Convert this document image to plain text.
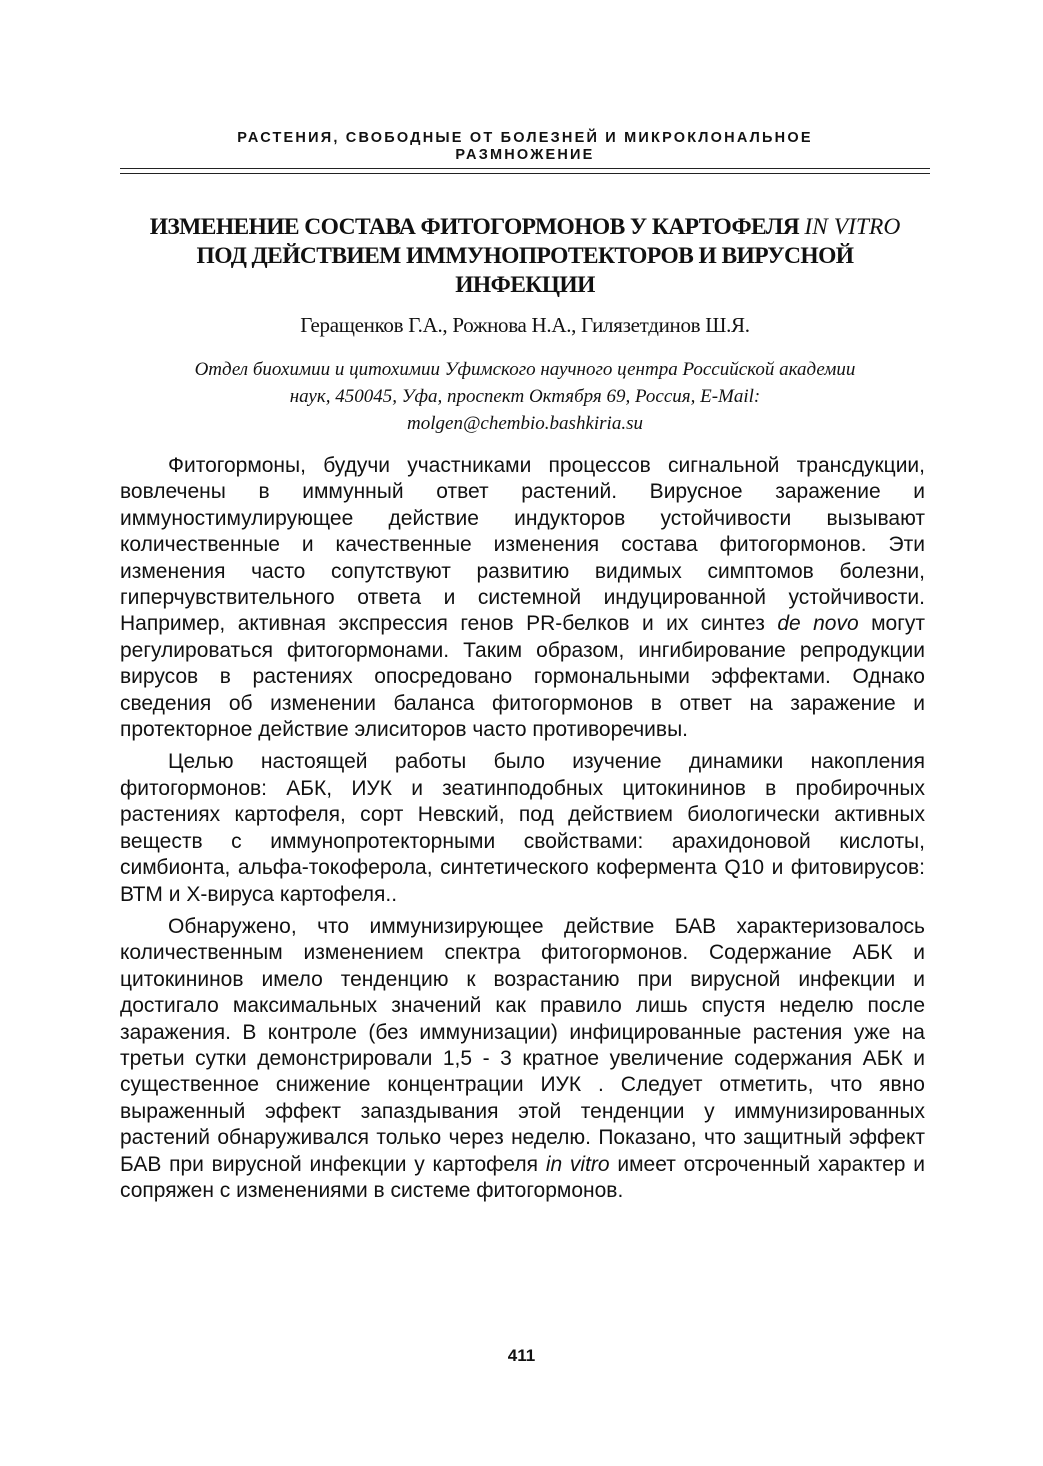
РАСТЕНИЯ, СВОБОДНЫЕ ОТ БОЛЕЗНЕЙ И МИКРОКЛОНАЛЬНОЕ
РАЗМНОЖЕНИЕ
ИЗМЕНЕНИЕ СОСТАВА ФИТОГОРМОНОВ У КАРТОФЕЛЯ IN VITRO
ПОД ДЕЙСТВИЕМ ИММУНОПРОТЕКТОРОВ И ВИРУСНОЙ
ИНФЕКЦИИ
Геращенков Г.А., Рожнова Н.А., Гилязетдинов Ш.Я.
Отдел биохимии и цитохимии Уфимского научного центра Российской академии
наук, 450045, Уфа, проспект Октября 69, Россия, E-Mail:
molgen@chembio.bashkiria.su

Фитогормоны, будучи участниками процессов сигнальной трансдукции, вовлечены в иммунный ответ растений. Вирусное заражение и иммуностимулирующее действие индукторов устойчивости вызывают количественные и качественные изменения состава фитогормонов. Эти изменения часто сопутствуют развитию видимых симптомов болезни, гиперчувствительного ответа и системной индуцированной устойчивости. Например, активная экспрессия генов PR-белков и их синтез de novo могут регулироваться фитогормонами. Таким образом, ингибирование репродукции вирусов в растениях опосредовано гормональными эффектами. Однако сведения об изменении баланса фитогормонов в ответ на заражение и протекторное действие элиситоров часто противоречивы.

Целью настоящей работы было изучение динамики накопления фитогормонов: АБК, ИУК и зеатинподобных цитокининов в пробирочных растениях картофеля, сорт Невский, под действием биологически активных веществ с иммунопротекторными свойствами: арахидоновой кислоты, симбионта, альфа-токоферола, синтетического кофермента Q10 и фитовирусов: ВТМ и Х-вируса картофеля..

Обнаружено, что иммунизирующее действие БАВ характеризовалось количественным изменением спектра фитогормонов. Содержание АБК и цитокининов имело тенденцию к возрастанию при вирусной инфекции и достигало максимальных значений как правило лишь спустя неделю после заражения. В контроле (без иммунизации) инфицированные растения уже на третьи сутки демонстрировали 1,5 - 3 кратное увеличение содержания АБК и существенное снижение концентрации ИУК . Следует отметить, что явно выраженный эффект запаздывания этой тенденции у иммунизированных растений обнаруживался только через неделю. Показано, что защитный эффект БАВ при вирусной инфекции у картофеля in vitro имеет отсроченный характер и сопряжен с изменениями в системе фитогормонов.

411
